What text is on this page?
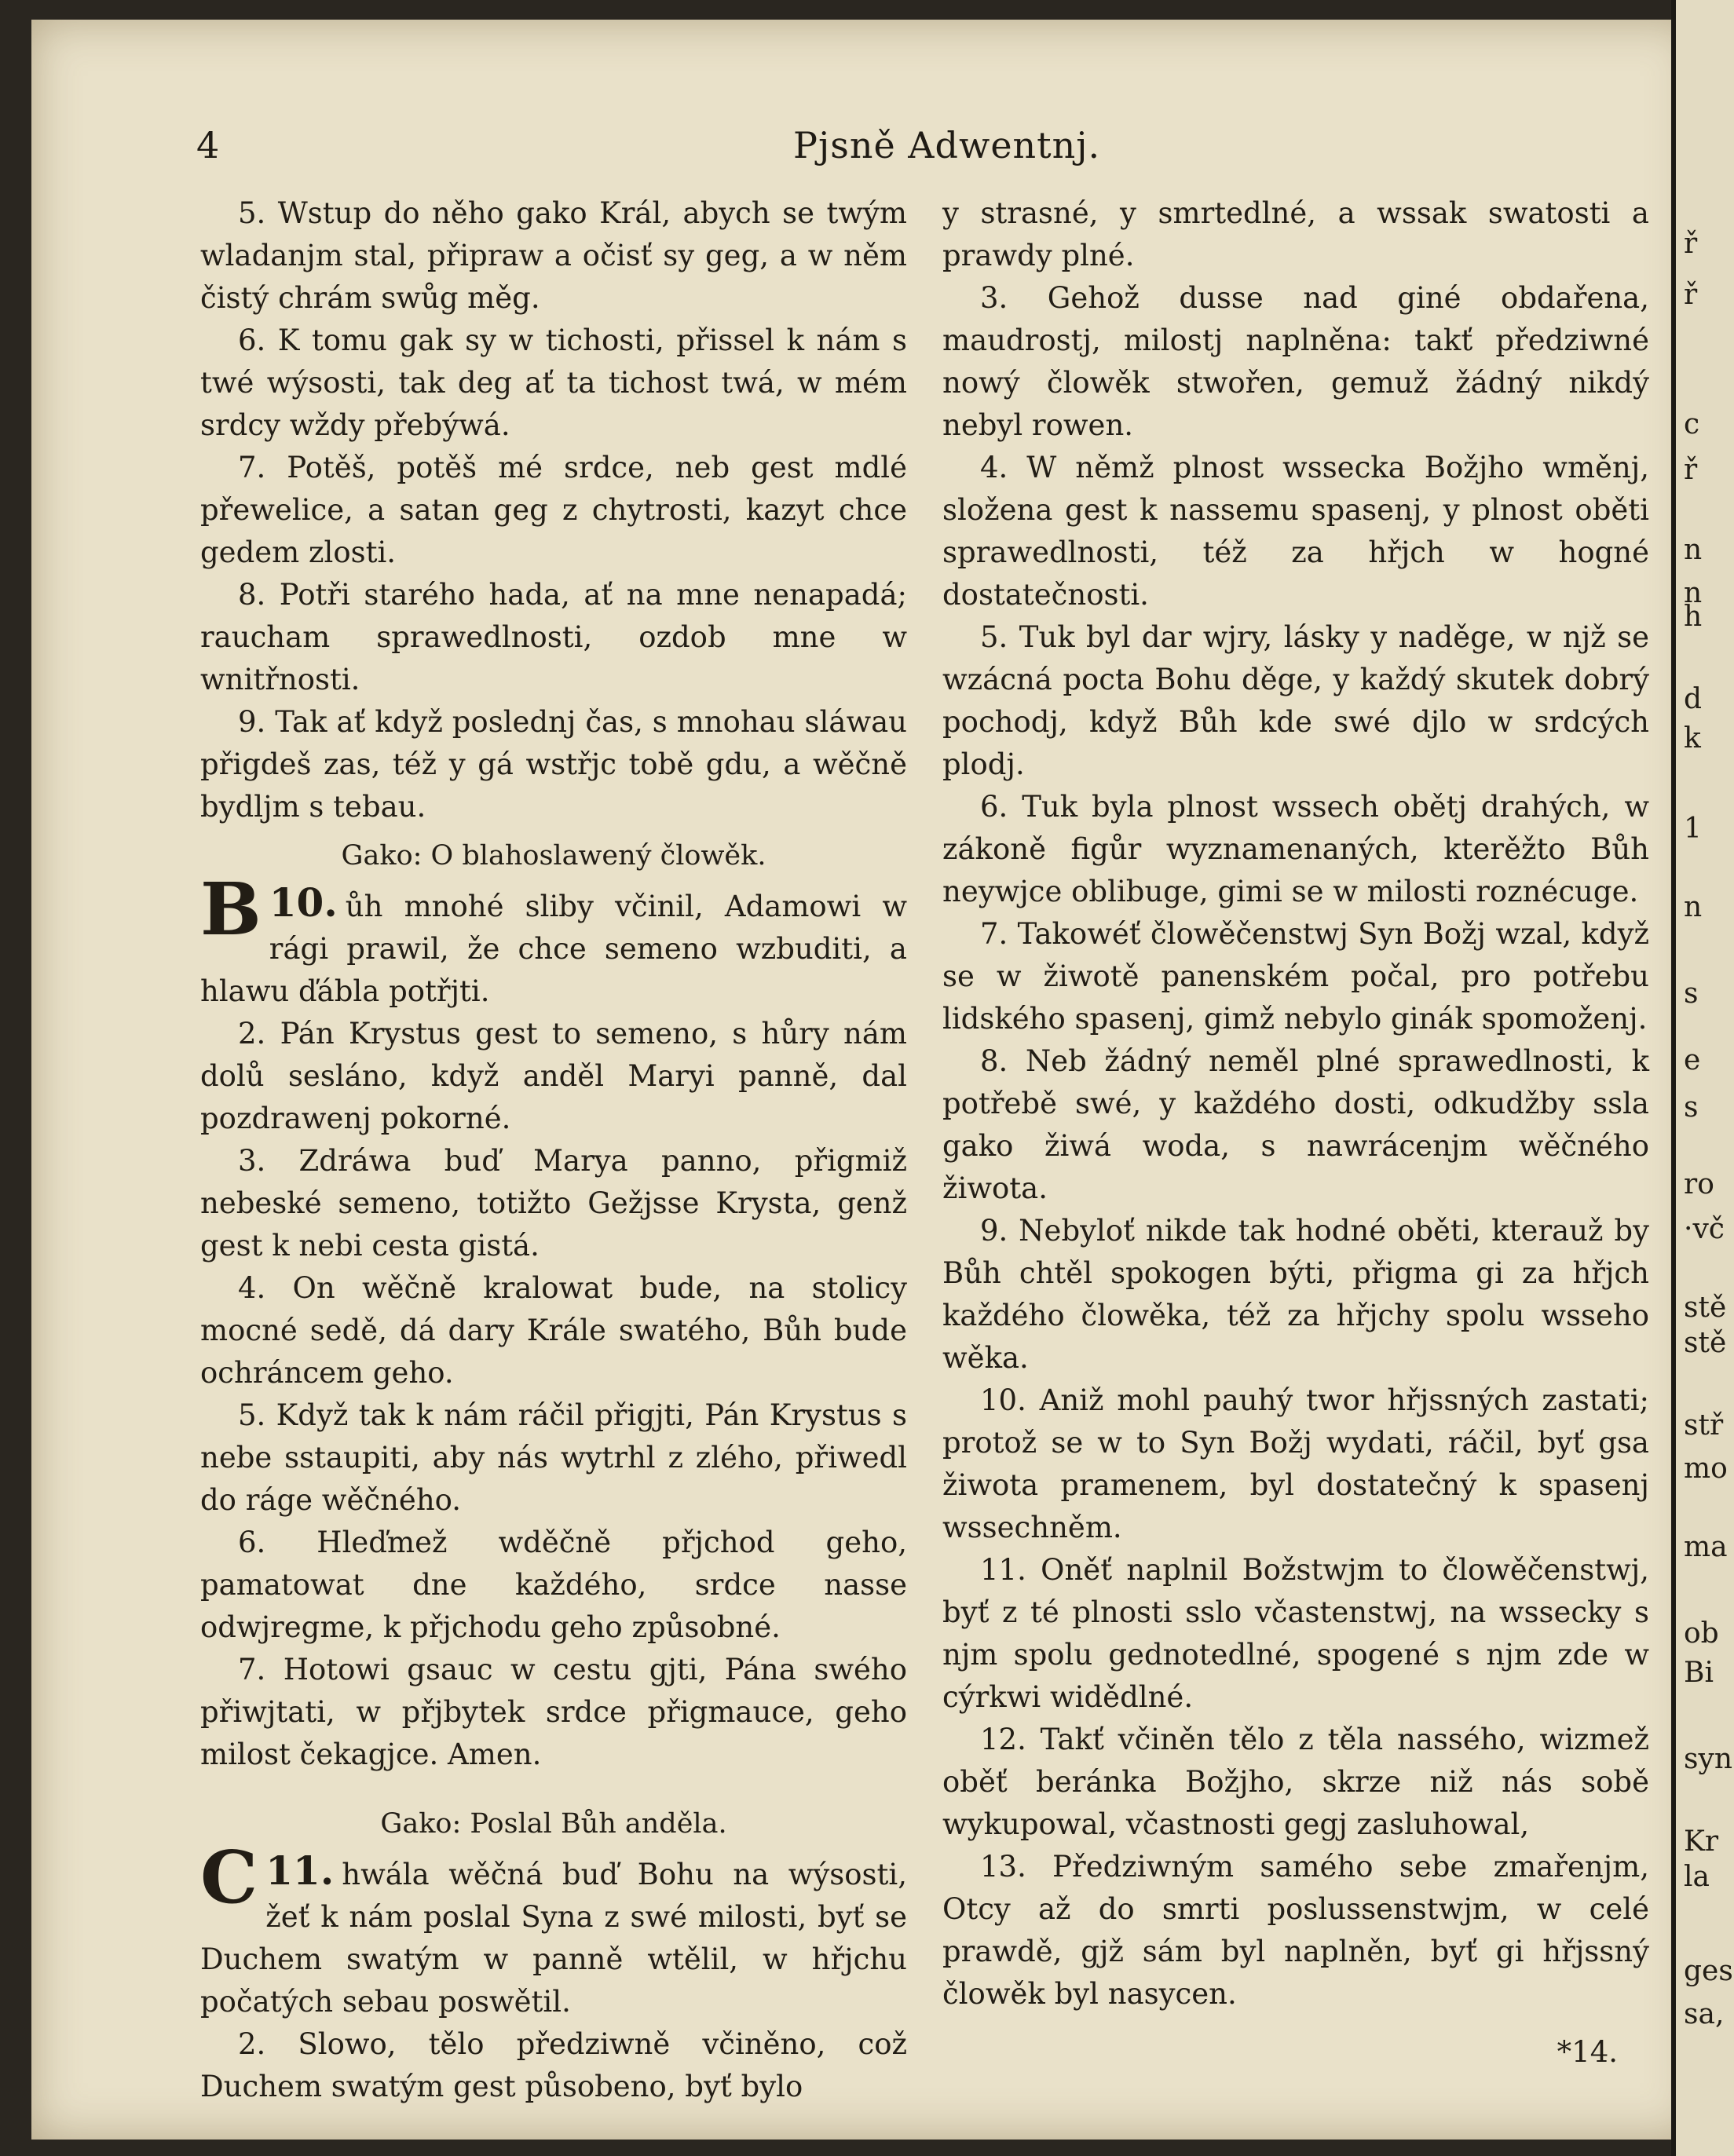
4	Pjsně Adwentnj.

5. Wstup do něho gako Král, abych se twým wladanjm stal, připraw a očisť sy geg, a w něm čistý chrám swůg měg.

6. K tomu gak sy w tichosti, přissel k nám s twé wýsosti, tak deg ať ta tichost twá, w mém srdcy wždy přebýwá.

7. Potěš, potěš mé srdce, neb gest mdlé přewelice, a satan geg z chytrosti, kazyt chce gedem zlosti.

8. Potři starého hada, ať na mne nenapadá; raucham sprawedlnosti, ozdob mne w wnitřnosti.

9. Tak ať když poslednj čas, s mnohau sláwau přigdeš zas, též y gá wstřjc tobě gdu, a wěčně bydljm s tebau.

Gako: O blahoslawený člowěk.

10.
B	ůh mnohé sliby včinil, Adamowi w rági prawil, že chce semeno wzbuditi, a hlawu ďábla potřjti.

2. Pán Krystus gest to semeno, s hůry nám dolů sesláno, když anděl Maryi panně, dal pozdrawenj pokorné.

3. Zdráwa buď Marya panno, přigmiž nebeské semeno, totižto Gežjsse Krysta, genž gest k nebi cesta gistá.

4. On wěčně kralowat bude, na stolicy mocné sedě, dá dary Krále swatého, Bůh bude ochráncem geho.

5. Když tak k nám ráčil přigjti, Pán Krystus s nebe sstaupiti, aby nás wytrhl z zlého, přiwedl do ráge wěčného.

6. Hleďmež wděčně přjchod geho, pamatowat dne každého, srdce nasse odwjregme, k přjchodu geho způsobné.

7. Hotowi gsauc w cestu gjti, Pána swého přiwjtati, w přjbytek srdce přigmauce, geho milost čekagjce. Amen.

Gako: Poslal Bůh anděla.

11.
C	hwála wěčná buď Bohu na wýsosti, žeť k nám poslal Syna z swé milosti, byť se Duchem swatým w panně wtělil, w hřjchu počatých sebau poswětil.

2. Slowo, tělo předziwně včiněno, což Duchem swatým gest působeno, byť bylo

y strasné, y smrtedlné, a wssak swatosti a prawdy plné.

3. Gehož dusse nad giné obdařena, maudrostj, milostj naplněna: takť předziwné nowý člowěk stwořen, gemuž žádný nikdý nebyl rowen.

4. W němž plnost wssecka Božjho wměnj, složena gest k nassemu spasenj, y plnost oběti sprawedlnosti, též za hřjch w hogné dostatečnosti.

5. Tuk byl dar wjry, lásky y naděge, w njž se wzácná pocta Bohu děge, y každý skutek dobrý pochodj, když Bůh kde swé djlo w srdcých plodj.

6. Tuk byla plnost wssech obětj drahých, w zákoně figůr wyznamenaných, kterěžto Bůh neywjce oblibuge, gimi se w milosti roznécuge.

7. Takowéť člowěčenstwj Syn Božj wzal, když se w žiwotě panenském počal, pro potřebu lidského spasenj, gimž nebylo ginák spomoženj.

8. Neb žádný neměl plné sprawedlnosti, k potřebě swé, y každého dosti, odkudžby ssla gako žiwá woda, s nawrácenjm wěčného žiwota.

9. Nebyloť nikde tak hodné oběti, kterauž by Bůh chtěl spokogen býti, přigma gi za hřjch každého člowěka, též za hřjchy spolu wsseho wěka.

10. Aniž mohl pauhý twor hřjssných zastati; protož se w to Syn Božj wydati, ráčil, byť gsa žiwota pramenem, byl dostatečný k spasenj wssechněm.

11. Oněť naplnil Božstwjm to člowěčenstwj, byť z té plnosti sslo včastenstwj, na wssecky s njm spolu gednotedlné, spogené s njm zde w cýrkwi widědlné.

12. Takť včiněn tělo z těla nassého, wizmež oběť beránka Božjho, skrze niž nás sobě wykupowal, včastnosti gegj zasluhowal,

13. Předziwným samého sebe zmařenjm, Otcy až do smrti poslussenstwjm, w celé prawdě, gjž sám byl naplněn, byť gi hřjssný člowěk byl nasycen.

*14.

ř
ř
c
ř
n
n
h
d
k
1
n
s
e
s
ro
·vč
stě
stě
stř
mo
ma
ob
Bi
syn
Kr
la
ges
sa,
